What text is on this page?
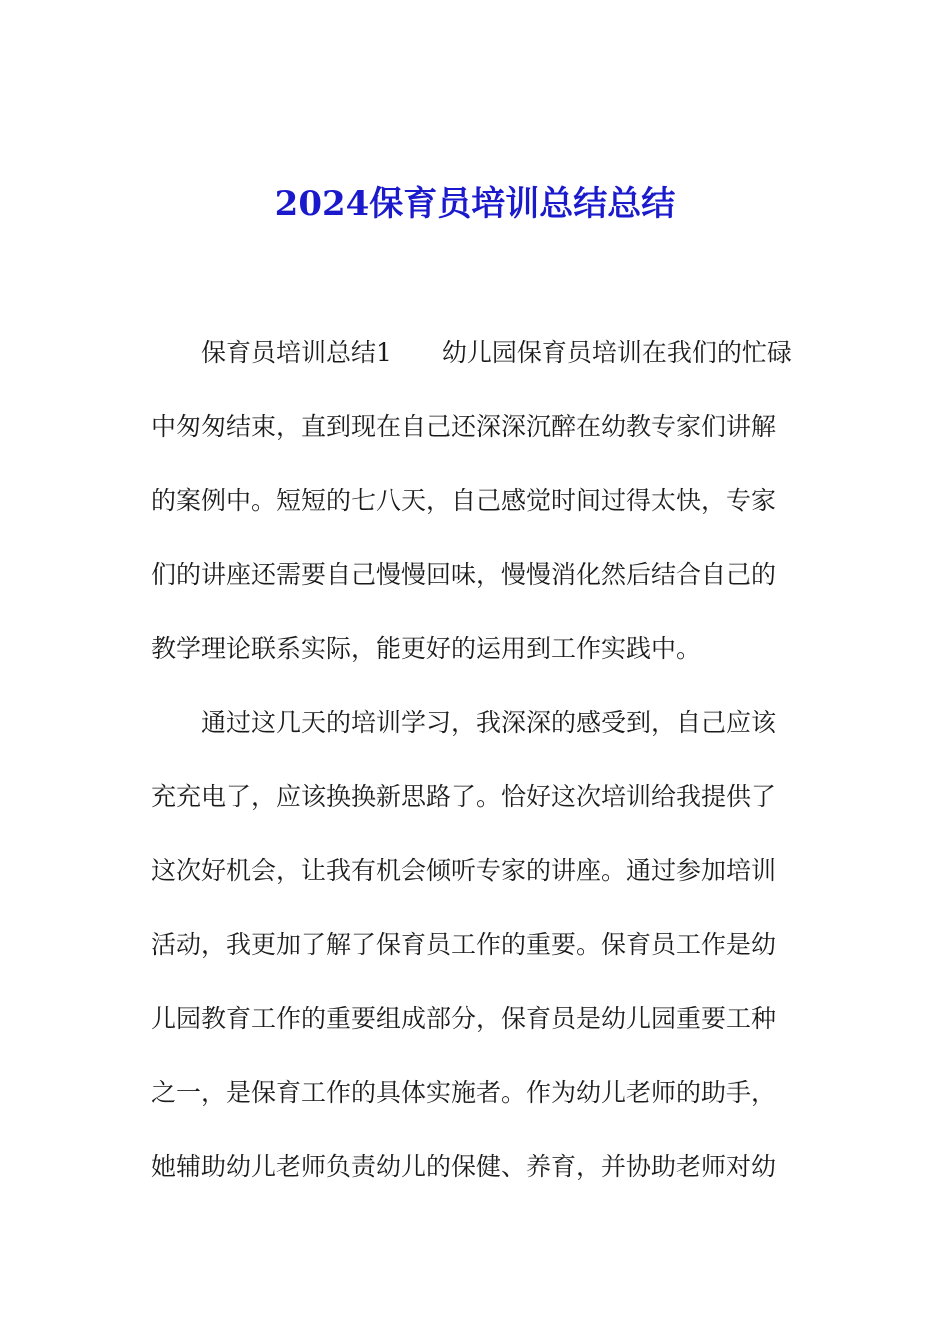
2024保育员培训总结总结
保育员培训总结1　　幼儿园保育员培训在我们的忙碌
中匆匆结束，直到现在自己还深深沉醉在幼教专家们讲解
的案例中。短短的七八天，自己感觉时间过得太快，专家
们的讲座还需要自己慢慢回味，慢慢消化然后结合自己的
教学理论联系实际，能更好的运用到工作实践中。
通过这几天的培训学习，我深深的感受到，自己应该
充充电了，应该换换新思路了。恰好这次培训给我提供了
这次好机会，让我有机会倾听专家的讲座。通过参加培训
活动，我更加了解了保育员工作的重要。保育员工作是幼
儿园教育工作的重要组成部分，保育员是幼儿园重要工种
之一，是保育工作的具体实施者。作为幼儿老师的助手，
她辅助幼儿老师负责幼儿的保健、养育，并协助老师对幼
